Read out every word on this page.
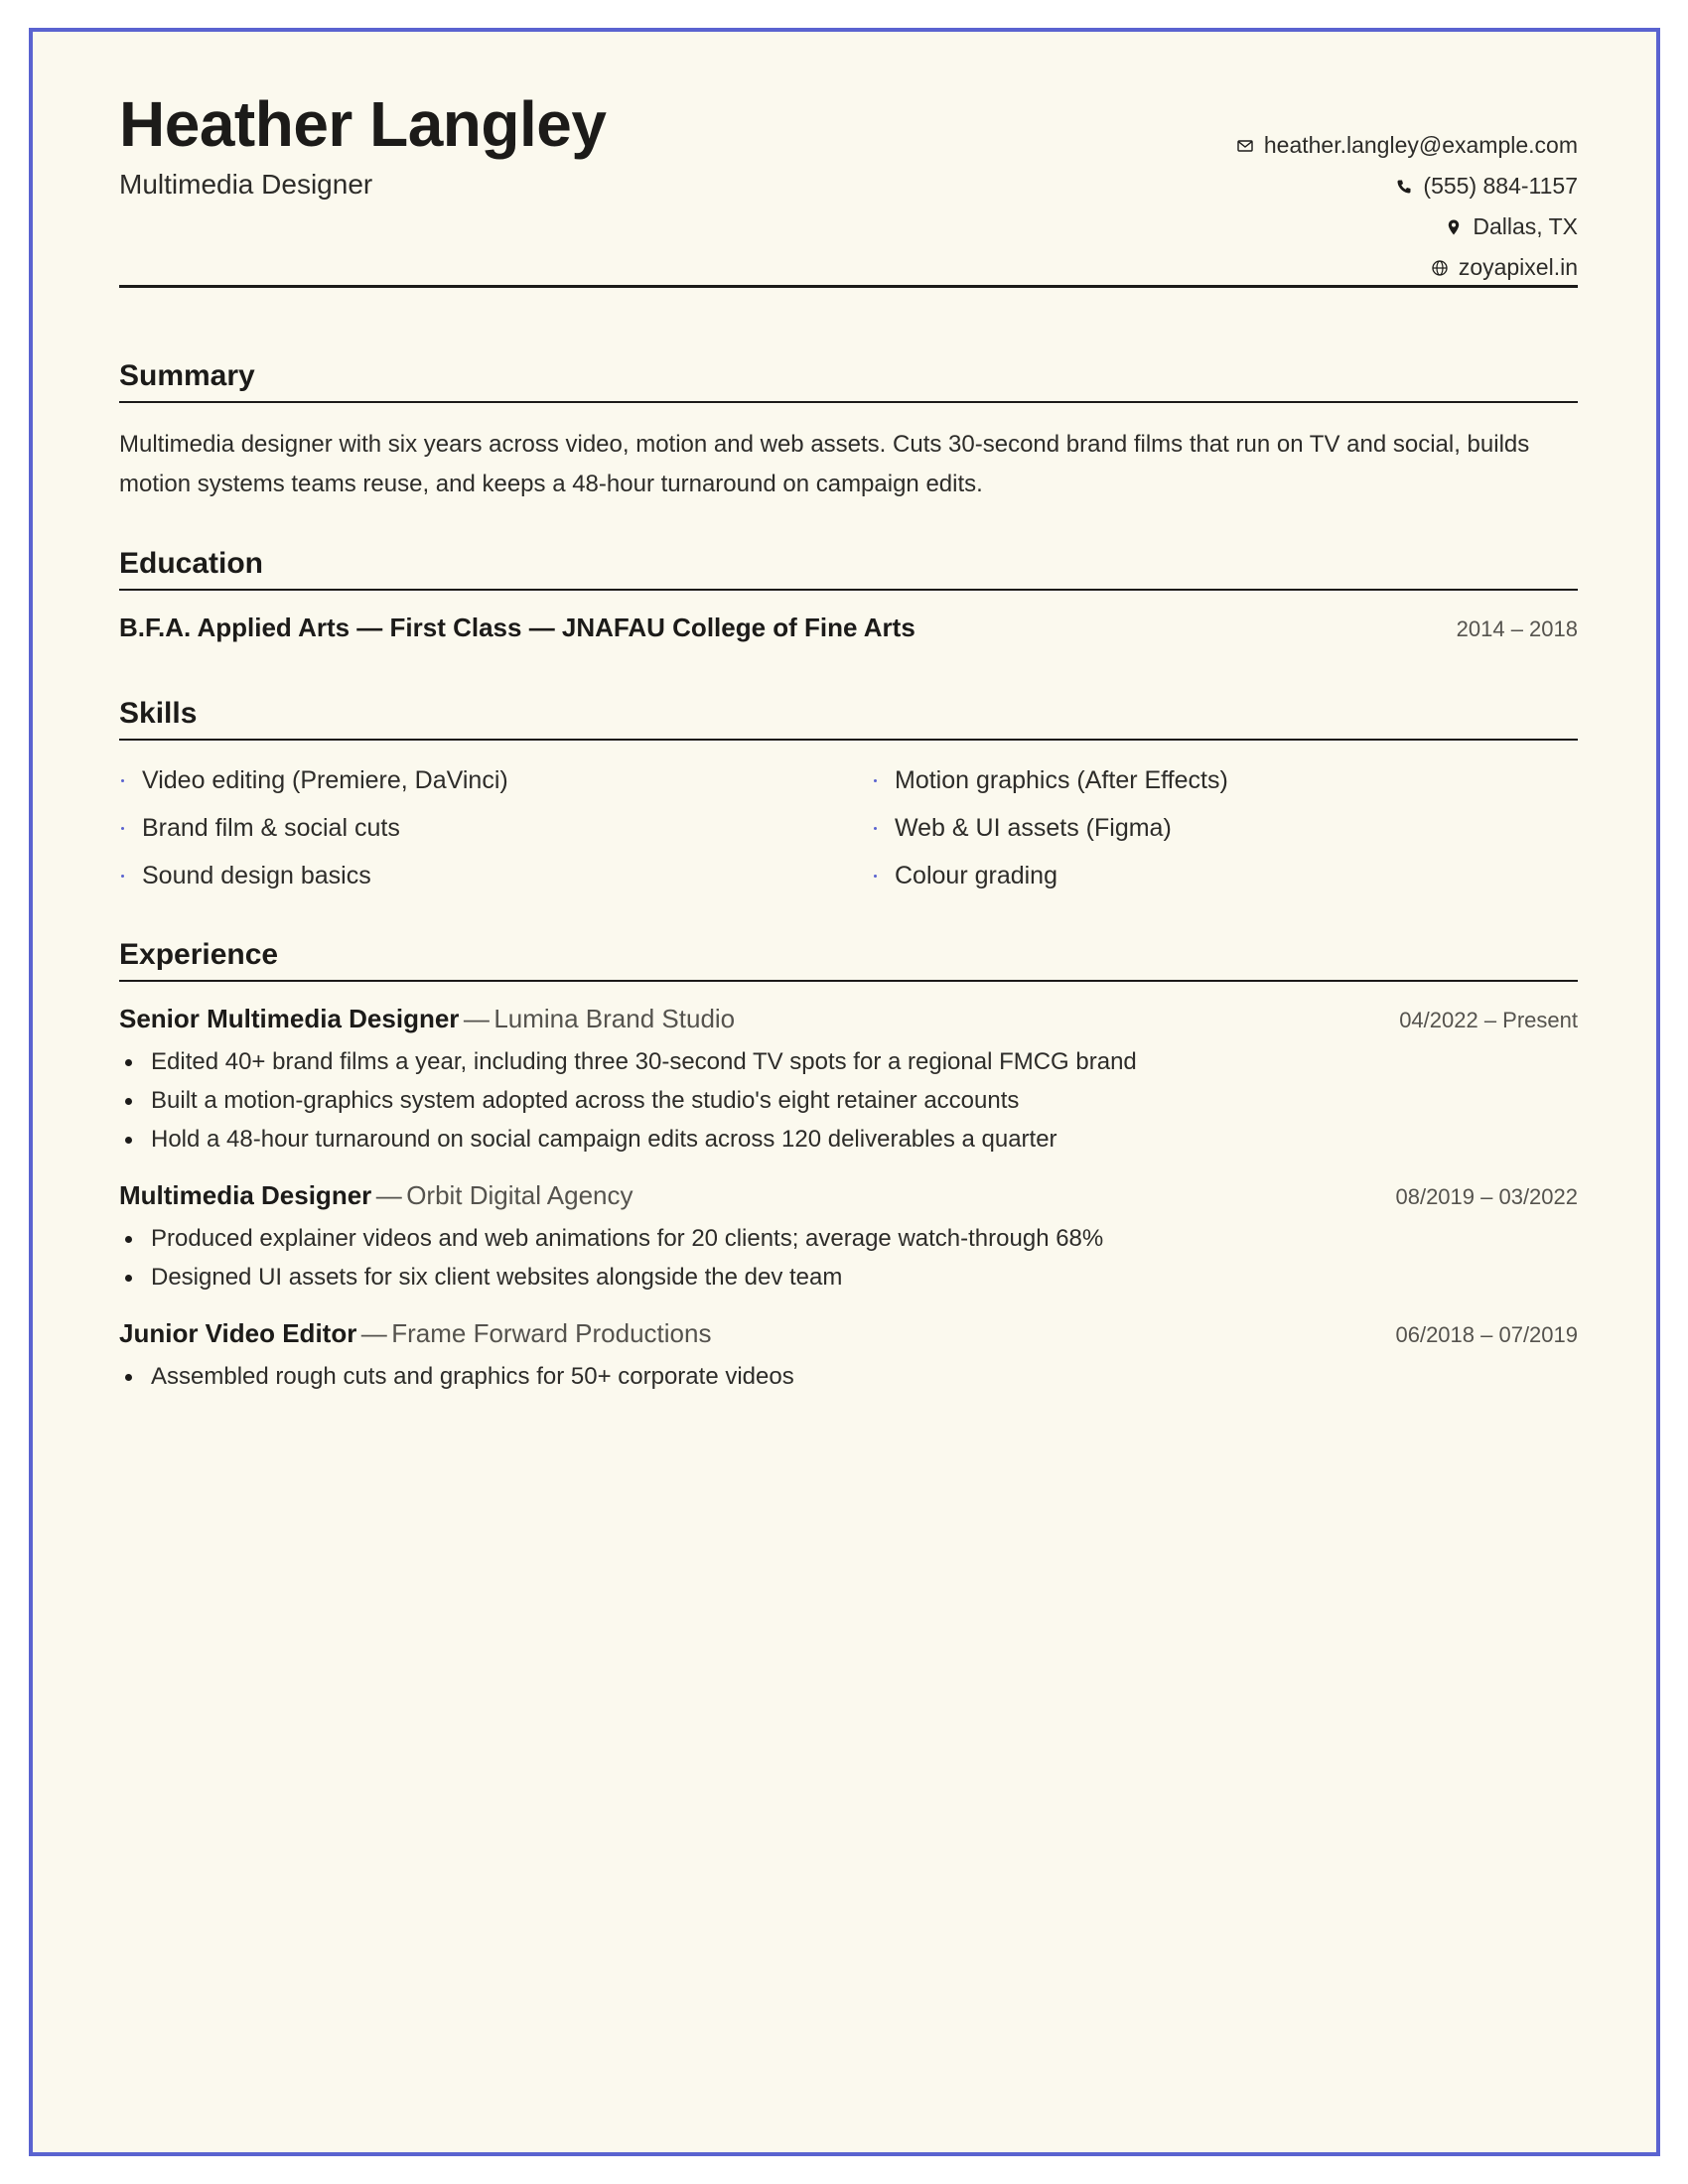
Heather Langley
Multimedia Designer
heather.langley@example.com
(555) 884-1157
Dallas, TX
zoyapixel.in
Summary
Multimedia designer with six years across video, motion and web assets. Cuts 30-second brand films that run on TV and social, builds motion systems teams reuse, and keeps a 48-hour turnaround on campaign edits.
Education
B.F.A. Applied Arts — First Class — JNAFAU College of Fine Arts	2014 – 2018
Skills
Video editing (Premiere, DaVinci)	Motion graphics (After Effects)
Brand film & social cuts	Web & UI assets (Figma)
Sound design basics	Colour grading
Experience
Senior Multimedia Designer — Lumina Brand Studio	04/2022 – Present
Edited 40+ brand films a year, including three 30-second TV spots for a regional FMCG brand
Built a motion-graphics system adopted across the studio's eight retainer accounts
Hold a 48-hour turnaround on social campaign edits across 120 deliverables a quarter
Multimedia Designer — Orbit Digital Agency	08/2019 – 03/2022
Produced explainer videos and web animations for 20 clients; average watch-through 68%
Designed UI assets for six client websites alongside the dev team
Junior Video Editor — Frame Forward Productions	06/2018 – 07/2019
Assembled rough cuts and graphics for 50+ corporate videos
